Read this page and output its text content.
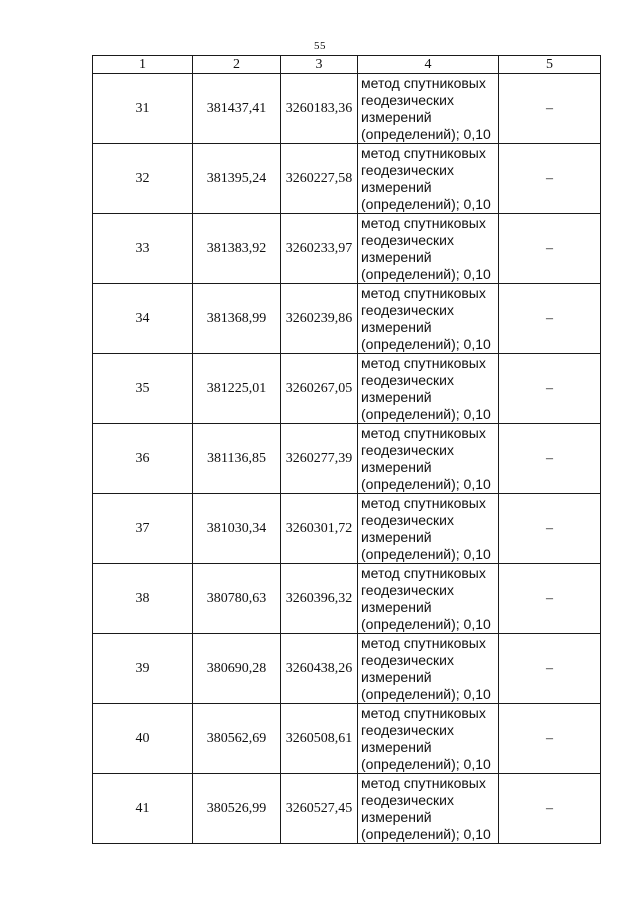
55
1	2	3	4	5
31	381437,41	3260183,36	метод спутниковых
геодезических
измерений
(определений); 0,10	–
32	381395,24	3260227,58	метод спутниковых
геодезических
измерений
(определений); 0,10	–
33	381383,92	3260233,97	метод спутниковых
геодезических
измерений
(определений); 0,10	–
34	381368,99	3260239,86	метод спутниковых
геодезических
измерений
(определений); 0,10	–
35	381225,01	3260267,05	метод спутниковых
геодезических
измерений
(определений); 0,10	–
36	381136,85	3260277,39	метод спутниковых
геодезических
измерений
(определений); 0,10	–
37	381030,34	3260301,72	метод спутниковых
геодезических
измерений
(определений); 0,10	–
38	380780,63	3260396,32	метод спутниковых
геодезических
измерений
(определений); 0,10	–
39	380690,28	3260438,26	метод спутниковых
геодезических
измерений
(определений); 0,10	–
40	380562,69	3260508,61	метод спутниковых
геодезических
измерений
(определений); 0,10	–
41	380526,99	3260527,45	метод спутниковых
геодезических
измерений
(определений); 0,10	–
